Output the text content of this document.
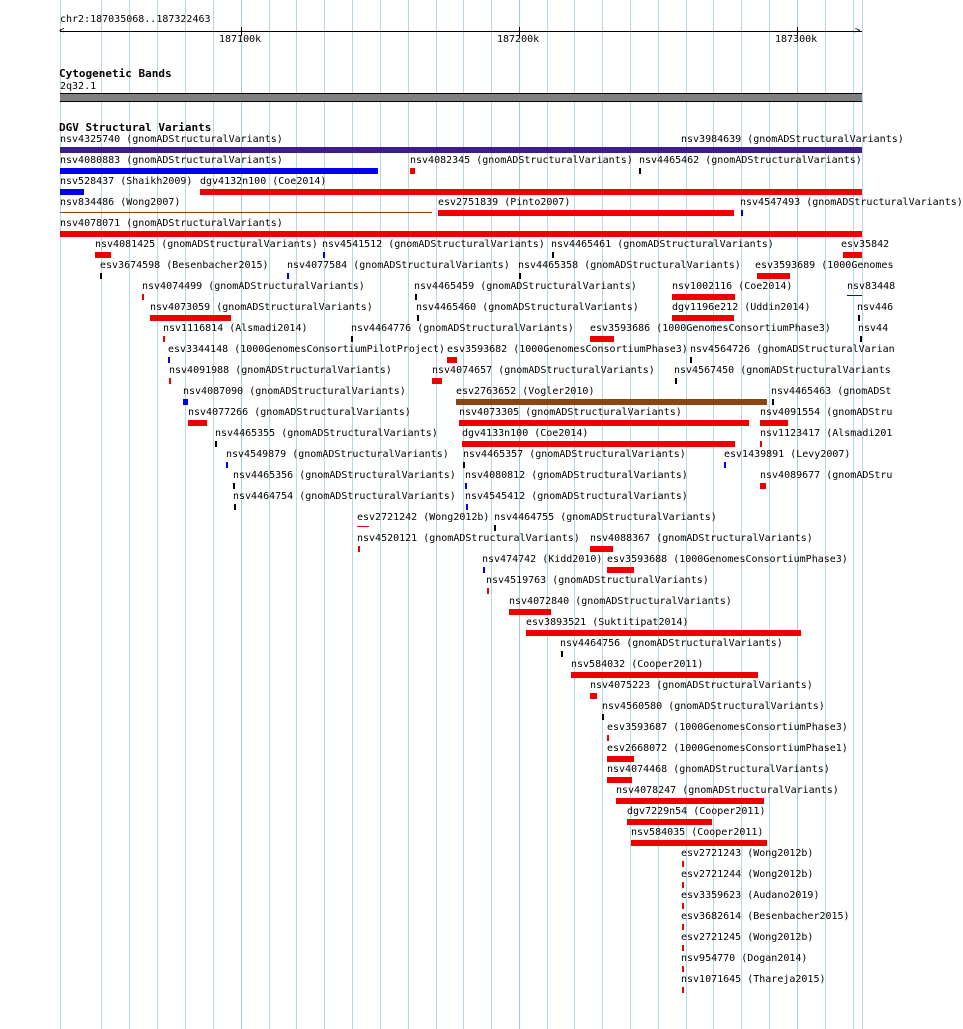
chr2:187035068..187322463
<	>
187100k	187200k	187300k
Cytogenetic Bands
2q32.1
DGV Structural Variants
nsv4325740 (gnomADStructuralVariants)	nsv3984639 (gnomADStructuralVariants)
nsv4080883 (gnomADStructuralVariants)	nsv4082345 (gnomADStructuralVariants) nsv4465462 (gnomADStructuralVariants)
nsv528437 (Shaikh2009) dgv4132n100 (Coe2014)
nsv834486 (Wong2007)	esv2751839 (Pinto2007)	nsv4547493 (gnomADStructuralVariants)
nsv4078071 (gnomADStructuralVariants)
nsv4081425 (gnomADStructuralVariants) nsv4541512 (gnomADStructuralVariants) nsv4465461 (gnomADStructuralVariants)	esv35842
esv3674598 (Besenbacher2015) nsv4077584 (gnomADStructuralVariants) nsv4465358 (gnomADStructuralVariants) esv3593689 (1000Genomes
nsv4074499 (gnomADStructuralVariants)	nsv4465459 (gnomADStructuralVariants)	nsv1002116 (Coe2014)	nsv83448
nsv4073059 (gnomADStructuralVariants)	nsv4465460 (gnomADStructuralVariants)	dgv1196e212 (Uddin2014)	nsv446
nsv1116814 (Alsmadi2014)	nsv4464776 (gnomADStructuralVariants) esv3593686 (1000GenomesConsortiumPhase3)	nsv44
esv3344148 (1000GenomesConsortiumPilotProject) esv3593682 (1000GenomesConsortiumPhase3) nsv4564726 (gnomADStructuralVarian
nsv4091988 (gnomADStructuralVariants)	nsv4074657 (gnomADStructuralVariants) nsv4567450 (gnomADStructuralVariants
nsv4087090 (gnomADStructuralVariants)	esv2763652 (Vogler2010)	nsv4465463 (gnomADSt
nsv4077266 (gnomADStructuralVariants)	nsv4073305 (gnomADStructuralVariants)	nsv4091554 (gnomADStru
nsv4465355 (gnomADStructuralVariants) dgv4133n100 (Coe2014)	nsv1123417 (Alsmadi201
nsv4549879 (gnomADStructuralVariants) nsv4465357 (gnomADStructuralVariants)	esv1439891 (Levy2007)
nsv4465356 (gnomADStructuralVariants) nsv4080812 (gnomADStructuralVariants)	nsv4089677 (gnomADStru
nsv4464754 (gnomADStructuralVariants) nsv4545412 (gnomADStructuralVariants)
esv2721242 (Wong2012b) nsv4464755 (gnomADStructuralVariants)
nsv4520121 (gnomADStructuralVariants) nsv4088367 (gnomADStructuralVariants)
nsv474742 (Kidd2010) esv3593688 (1000GenomesConsortiumPhase3)
nsv4519763 (gnomADStructuralVariants)
nsv4072840 (gnomADStructuralVariants)
esv3893521 (Suktitipat2014)
nsv4464756 (gnomADStructuralVariants)
nsv584032 (Cooper2011)
nsv4075223 (gnomADStructuralVariants)
nsv4560580 (gnomADStructuralVariants)
esv3593687 (1000GenomesConsortiumPhase3)
esv2668072 (1000GenomesConsortiumPhase1)
nsv4074468 (gnomADStructuralVariants)
nsv4078247 (gnomADStructuralVariants)
dgv7229n54 (Cooper2011)
nsv584035 (Cooper2011)
esv2721243 (Wong2012b)
esv2721244 (Wong2012b)
esv3359623 (Audano2019)
esv3682614 (Besenbacher2015)
esv2721245 (Wong2012b)
nsv954770 (Dogan2014)
nsv1071645 (Thareja2015)
